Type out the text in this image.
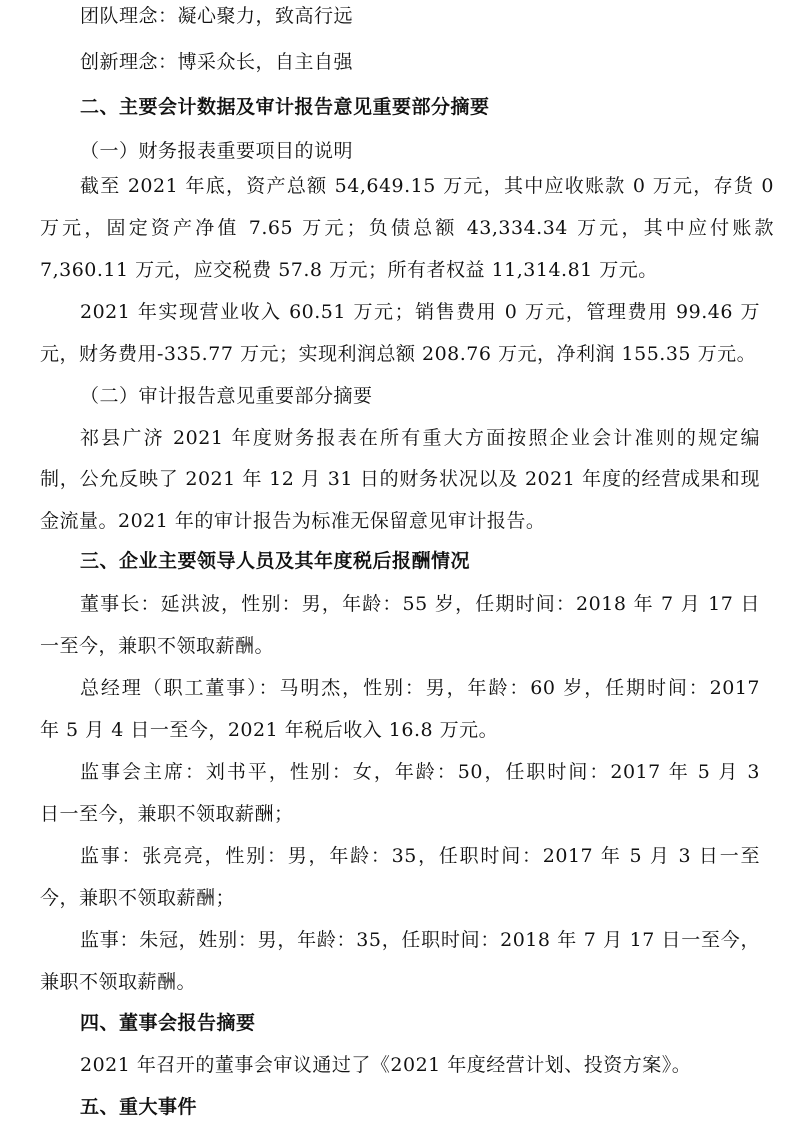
团队理念：凝心聚力，致高行远
创新理念：博采众长，自主自强
二、主要会计数据及审计报告意见重要部分摘要
（一）财务报表重要项目的说明
截至 2021 年底，资产总额 54,649.15 万元，其中应收账款 0 万元，存货 0
万元，固定资产净值 7.65 万元；负债总额 43,334.34 万元，其中应付账款
7,360.11 万元，应交税费 57.8 万元；所有者权益 11,314.81 万元。
2021 年实现营业收入 60.51 万元；销售费用 0 万元，管理费用 99.46 万
元，财务费用-335.77 万元；实现利润总额 208.76 万元，净利润 155.35 万元。
（二）审计报告意见重要部分摘要
祁县广济 2021 年度财务报表在所有重大方面按照企业会计准则的规定编
制，公允反映了 2021 年 12 月 31 日的财务状况以及 2021 年度的经营成果和现
金流量。2021 年的审计报告为标准无保留意见审计报告。
三、企业主要领导人员及其年度税后报酬情况
董事长：延洪波，性别：男，年龄：55 岁，任期时间：2018 年 7 月 17 日
一至今，兼职不领取薪酬。
总经理（职工董事）：马明杰，性别：男，年龄：60 岁，任期时间：2017
年 5 月 4 日一至今，2021 年税后收入 16.8 万元。
监事会主席：刘书平，性别：女，年龄：50，任职时间：2017 年 5 月 3
日一至今，兼职不领取薪酬；
监事：张亮亮，性别：男，年龄：35，任职时间：2017 年 5 月 3 日一至
今，兼职不领取薪酬；
监事：朱冠，姓别：男，年龄：35，任职时间：2018 年 7 月 17 日一至今，
兼职不领取薪酬。
四、董事会报告摘要
2021 年召开的董事会审议通过了《2021 年度经营计划、投资方案》。
五、重大事件
